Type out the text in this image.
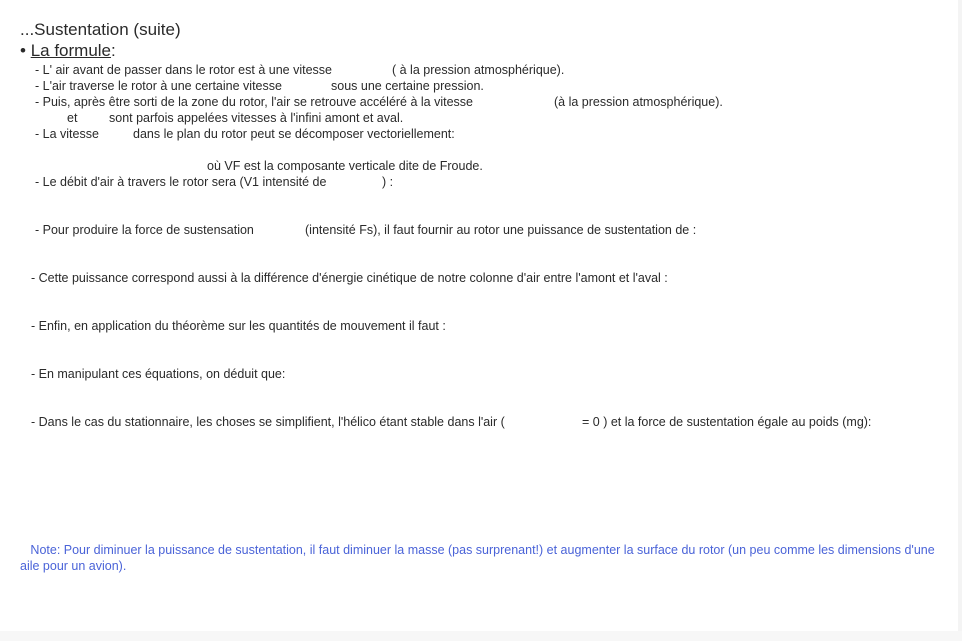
...Sustentation (suite)
• La formule:
- L' air avant de passer dans le rotor est à une vitesse	( à la pression atmosphérique).
- L'air traverse le rotor à une certaine vitesse	sous une certaine pression.
- Puis, après être sorti de la zone du rotor, l'air se retrouve accéléré à la vitesse	(à la pression atmosphérique).
et	sont parfois appelées vitesses à l'infini amont et aval.
- La vitesse	dans le plan du rotor peut se décomposer vectoriellement:
où VF est la composante verticale dite de Froude.
- Le débit d'air à travers le rotor sera (V1 intensité de	) :
- Pour produire la force de sustensation	(intensité Fs), il faut fournir au rotor une puissance de sustentation de :
- Cette puissance correspond aussi à la différence d'énergie cinétique de notre colonne d'air entre l'amont et l'aval :
- Enfin, en application du théorème sur les quantités de mouvement il faut :
- En manipulant ces équations, on déduit que:
- Dans le cas du stationnaire, les choses se simplifient, l'hélico étant stable dans l'air (	= 0 ) et la force de sustentation égale au poids (mg):
Note: Pour diminuer la puissance de sustentation, il faut diminuer la masse (pas surprenant!) et augmenter la surface du rotor (un peu comme les dimensions d'une aile pour un avion).
